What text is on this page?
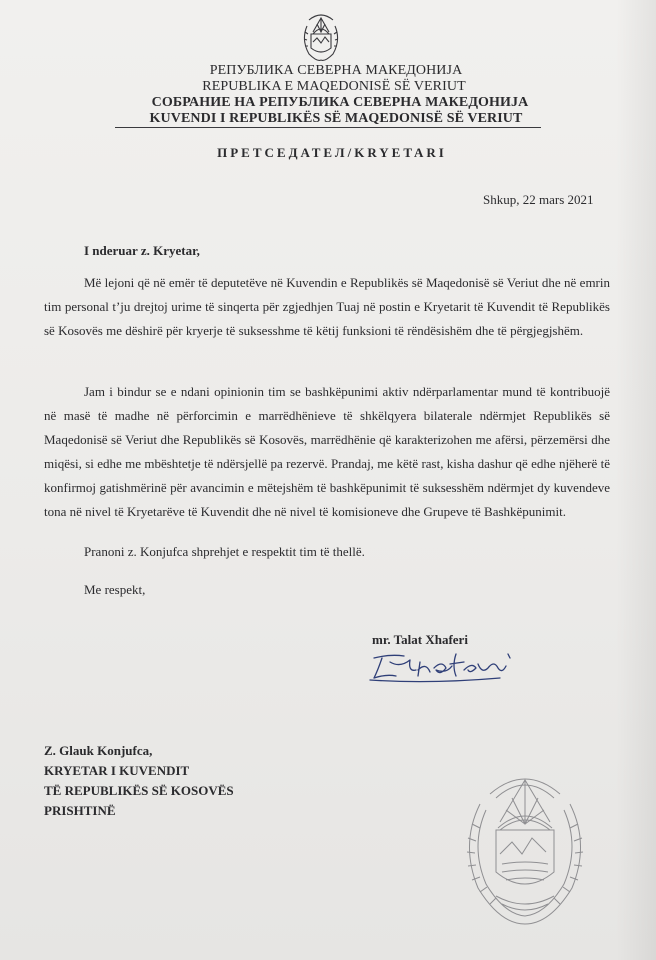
РЕПУБЛИКА СЕВЕРНА МАКЕДОНИЈА
REPUBLIKA E MAQEDONISË SË VERIUT
СОБРАНИЕ НА РЕПУБЛИКА СЕВЕРНА МАКЕДОНИЈА
KUVENDI I REPUBLIKËS SË MAQEDONISË SË VERIUT
ПРЕТСЕДАТЕЛ/KRYETARI
Shkup, 22 mars 2021
I nderuar z. Kryetar,
Më lejoni që në emër të deputetëve në Kuvendin e Republikës së Maqedonisë së Veriut dhe në emrin tim personal t’ju drejtoj urime të sinqerta për zgjedhjen Tuaj në postin e Kryetarit të Kuvendit të Republikës së Kosovës me dëshirë për kryerje të suksesshme të këtij funksioni të rëndësishëm dhe të përgjegjshëm.
Jam i bindur se e ndani opinionin tim se bashkëpunimi aktiv ndërparlamentar mund të kontribuojë në masë të madhe në përforcimin e marrëdhënieve të shkëlqyera bilaterale ndërmjet Republikës së Maqedonisë së Veriut dhe Republikës së Kosovës, marrëdhënie që karakterizohen me afërsi, përzemërsi dhe miqësi, si edhe me mbështetje të ndërsjellë pa rezervë. Prandaj, me këtë rast, kisha dashur që edhe njëherë të konfirmoj gatishmërinë për avancimin e mëtejshëm të bashkëpunimit të suksesshëm ndërmjet dy kuvendeve tona në nivel të Kryetarëve të Kuvendit dhe në nivel të komisioneve dhe Grupeve të Bashkëpunimit.
Pranoni z. Konjufca shprehjet e respektit tim të thellë.
Me respekt,
mr. Talat Xhaferi
Z. Glauk Konjufca,
KRYETAR I KUVENDIT
TË REPUBLIKËS SË KOSOVËS
PRISHTINË
